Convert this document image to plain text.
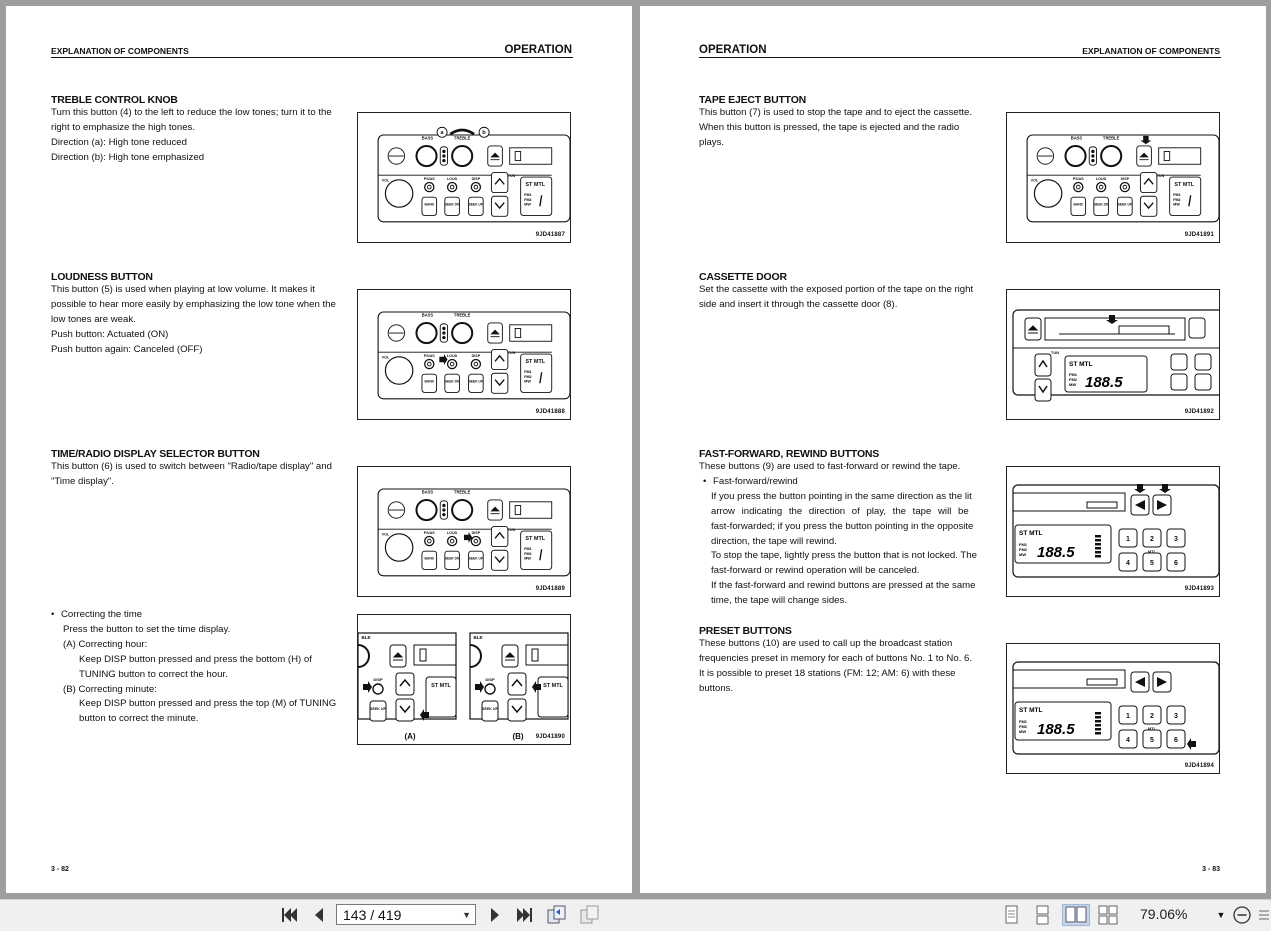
EXPLANATION OF COMPONENTS	OPERATION
TREBLE CONTROL KNOB
Turn this button (4) to the left to reduce the low tones; turn it to the
right to emphasize the high tones.
Direction (a): High tone reduced
Direction (b): High tone emphasized
BASS	TREBLE
VOL	PS/AS	LOUD	DISP
BAND	SEEK DN	SEEK UP
TUN
ST MTL
FM1
FM2
MW
a	b
9JD41887
LOUDNESS BUTTON
This button (5) is used when playing at low volume. It makes it
possible to hear more easily by emphasizing the low tone when the
low tones are weak.
Push button: Actuated (ON)
Push button again: Canceled (OFF)
BASS	TREBLE
VOL	PS/AS	LOUD	DISP
BAND	SEEK DN	SEEK UP
TUN
ST MTL
FM1
FM2
MW
9JD41888
TIME/RADIO DISPLAY SELECTOR BUTTON
This button (6) is used to switch between "Radio/tape display" and
"Time display".
BASS	TREBLE
VOL	PS/AS	LOUD	DISP
BAND	SEEK DN	SEEK UP
TUN
ST MTL
FM1
FM2
MW
9JD41889
• Correcting the time
Press the button to set the time display.
(A) Correcting hour:
Keep DISP button pressed and press the bottom (H) of
TUNING button to correct the hour.
(B) Correcting minute:
Keep DISP button pressed and press the top (M) of TUNING
button to correct the minute.
BLE
DISP
SEEK UP
ST MTL
BLE
DISP
SEEK UP
ST MTL
(A)	(B) 9JD41890
3 - 82
OPERATION	EXPLANATION OF COMPONENTS
TAPE EJECT BUTTON
This button (7) is used to stop the tape and to eject the cassette.
When this button is pressed, the tape is ejected and the radio
plays.	BASS	TREBLE
VOL	PS/AS	LOUD	DISP
BAND	SEEK DN	SEEK UP
TUN
ST MTL
FM1
FM2
MW
9JD41891
CASSETTE DOOR
Set the cassette with the exposed portion of the tape on the right
side and insert it through the cassette door (8).
TUN
ST MTL
FM1
FM2
MW 188.5
9JD41892
FAST-FORWARD, REWIND BUTTONS
These buttons (9) are used to fast-forward or rewind the tape.
• Fast-forward/rewind
If you press the button pointing in the same direction as the lit
arrow indicating the direction of play, the tape will be
fast-forwarded; if you press the button pointing in the opposite
direction, the tape will rewind.
To stop the tape, lightly press the button that is not locked. The
fast-forward or rewind operation will be canceled.
If the fast-forward and rewind buttons are pressed at the same
time, the tape will change sides.
ST MTL
FM1
FM2
MW 188.5
1	2	3
4	5	6
MTL
9JD41893
PRESET BUTTONS
These buttons (10) are used to call up the broadcast station
frequencies preset in memory for each of buttons No. 1 to No. 6.
It is possible to preset 18 stations (FM: 12; AM: 6) with these
buttons.
ST MTL
FM1
FM2
MW 188.5
1	2	3
4	5	6
MTL
9JD41894
3 - 83
143 / 419	▼	79.06%	▼
